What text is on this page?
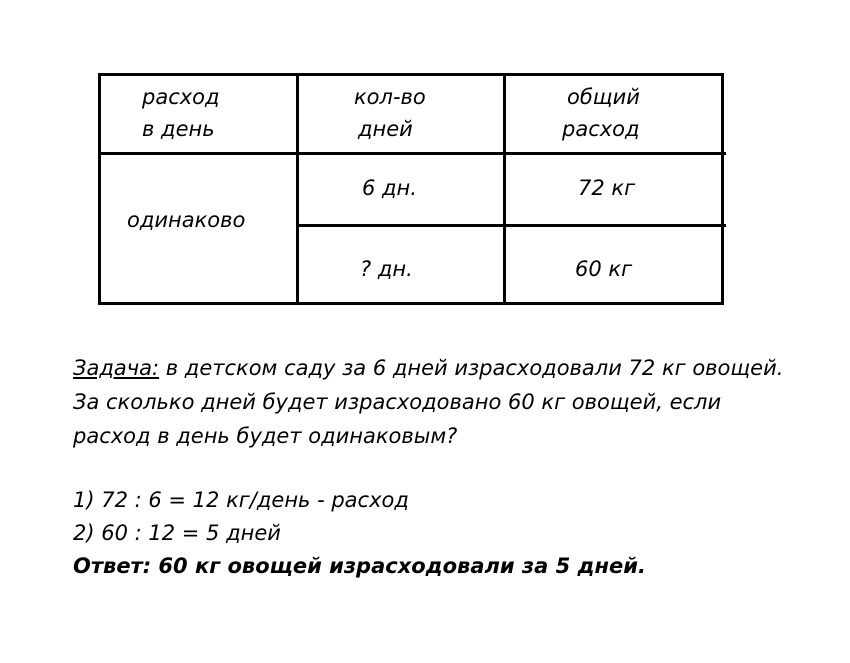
расход
в день
кол-во
дней
общий
расход
одинаково
6 дн.	72 кг
? дн.	60 кг
Задача: в детском саду за 6 дней израсходовали 72 кг овощей.
За сколько дней будет израсходовано 60 кг овощей, если
расход в день будет одинаковым?
1) 72 : 6 = 12 кг/день - расход
2) 60 : 12 = 5 дней
Ответ: 60 кг овощей израсходовали за 5 дней.
